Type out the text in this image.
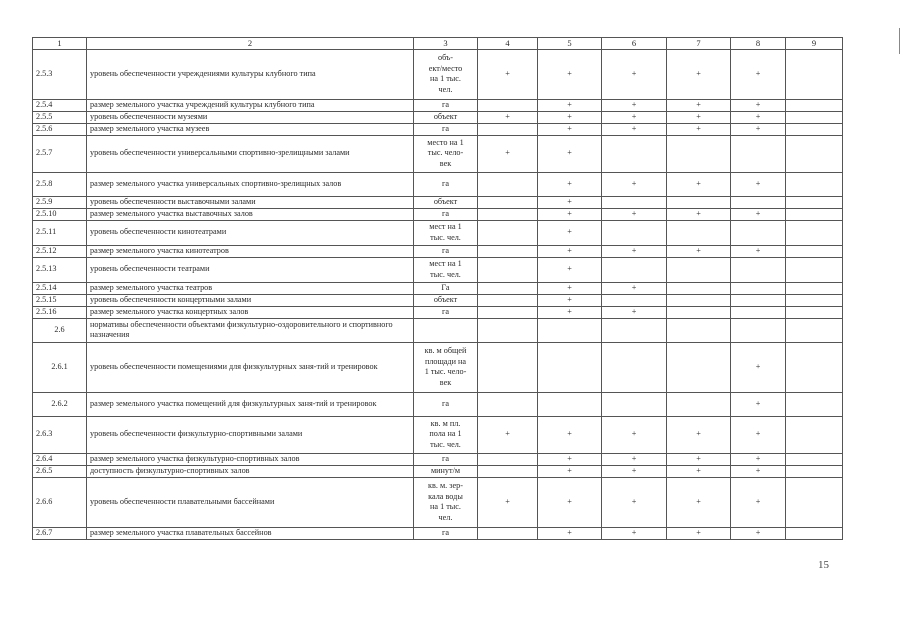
1	2	3	4	5	6	7	8	9
2.5.3	уровень обеспеченности учреждениями культуры клубного типа	объ-
ект/место
на 1 тыс.
чел.	+	+	+	+	+	
2.5.4	размер земельного участка учреждений культуры клубного типа	га		+	+	+	+	
2.5.5	уровень обеспеченности музеями	объект	+	+	+	+	+	
2.5.6	размер земельного участка музеев	га		+	+	+	+	
2.5.7	уровень обеспеченности универсальными спортивно-зрелищными залами	место на 1
тыс. чело-
век	+	+				
2.5.8	размер земельного участка универсальных спортивно-зрелищных залов	га		+	+	+	+	
2.5.9	уровень обеспеченности выставочными залами	объект		+				
2.5.10	размер земельного участка выставочных залов	га		+	+	+	+	
2.5.11	уровень обеспеченности кинотеатрами	мест на 1
тыс. чел.		+				
2.5.12	размер земельного участка кинотеатров	га		+	+	+	+	
2.5.13	уровень обеспеченности театрами	мест на 1
тыс. чел.		+				
2.5.14	размер земельного участка театров	Га		+	+			
2.5.15	уровень обеспеченности концертными залами	объект		+				
2.5.16	размер земельного участка концертных залов	га		+	+			
2.6	нормативы обеспеченности объектами физкультурно-оздоровительного и спортивного назначения							
2.6.1	уровень обеспеченности помещениями для физкультурных заня-тий и тренировок	кв. м общей
площади на
1 тыс. чело-
век					+	
2.6.2	размер земельного участка помещений для физкультурных заня-тий и тренировок	га					+	
2.6.3	уровень обеспеченности физкультурно-спортивными залами	кв. м пл.
пола на 1
тыс. чел.	+	+	+	+	+	
2.6.4	размер земельного участка физкультурно-спортивных залов	га		+	+	+	+	
2.6.5	доступность физкультурно-спортивных залов	минут/м		+	+	+	+	
2.6.6	уровень обеспеченности плавательными бассейнами	кв. м. зер-
кала воды
на 1 тыс.
чел.	+	+	+	+	+	
2.6.7	размер земельного участка плавательных бассейнов	га		+	+	+	+	
15
